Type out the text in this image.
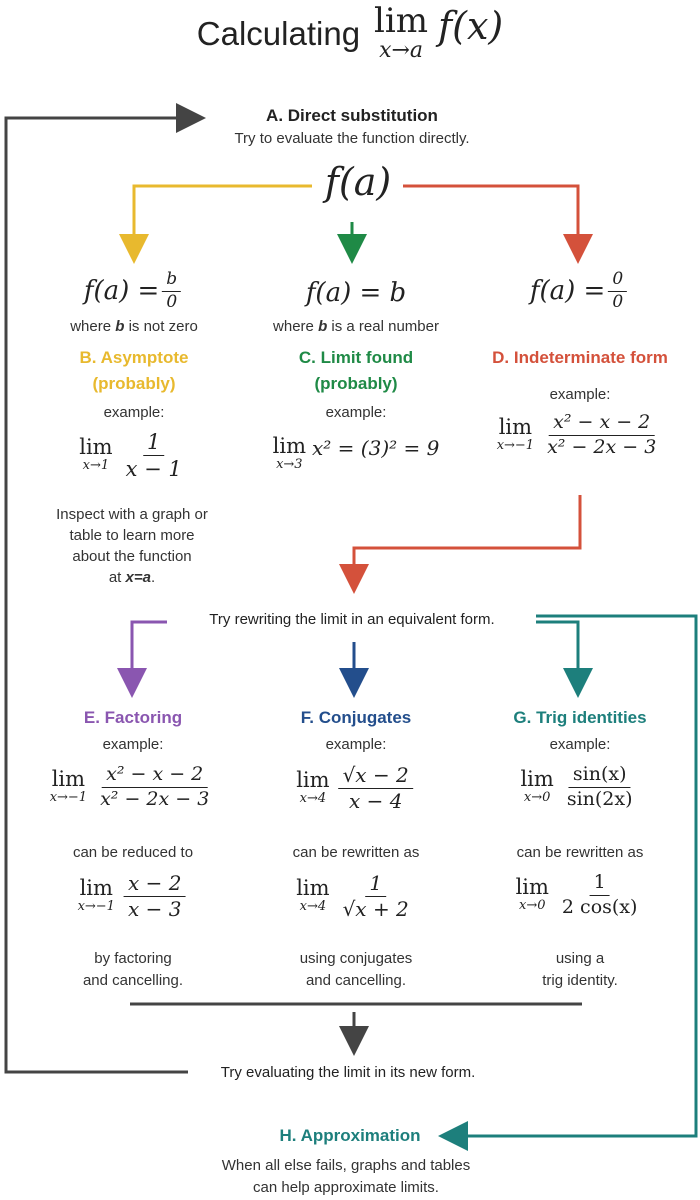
Calculating lim
x→a
f(x)
A. Direct substitution
Try to evaluate the function directly.
f(a)
$f(a) = \frac{b}{0}$
where b is not zero
B. Asymptote
(probably)
example:
lim
$x\to 1 \frac{1}{x - 1}$
Inspect with a graph or
table to learn more
about the function
at x=a.
f(a) = b
where b is a real number
C. Limit found
(probably)
example:
lim
x→3
x² = (3)² = 9
$f(a) = \frac{0}{0}$
D. Indeterminate form
example:
lim
$x\to-1 \frac{\text{x² − x − 2}}{\text{x² − 2x − 3}}$
Try rewriting the limit in an equivalent form.
E. Factoring
example:
lim
$x\to-1 \frac{\text{x² − x − 2}}{\text{x² − 2x − 3}}$
can be reduced to
lim
$x\to-1 \frac{x - 2}{x - 3}$
by factoring
and cancelling.
F. Conjugates
example:
lim
$x\to 4 \frac{√x - 2}{x - 4}$
can be rewritten as
lim
$x\to 4 \frac{1}{√x + 2}$
using conjugates
and cancelling.
G. Trig identities
example:
lim
$x\to 0 \frac{\sin(x)}{\sin(2x)}$
can be rewritten as
lim
$x\to 0 \frac{1}{2 \cos(x)}$
using a
trig identity.
Try evaluating the limit in its new form.
H. Approximation
When all else fails, graphs and tables
can help approximate limits.
